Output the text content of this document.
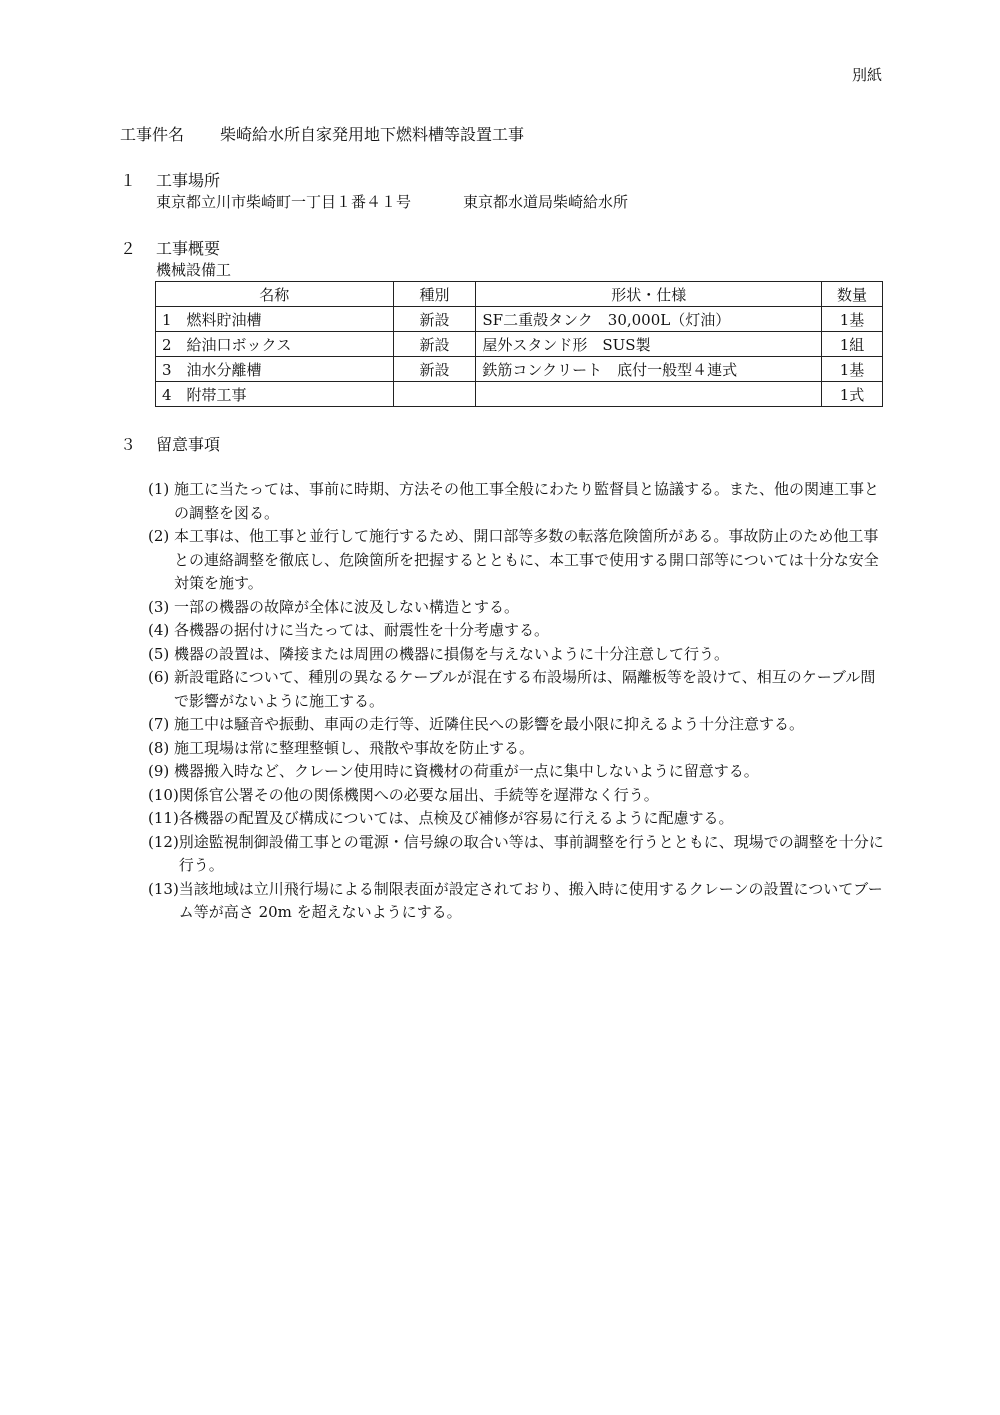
別紙
工事件名 柴崎給水所自家発用地下燃料槽等設置工事
１ 工事場所
東京都立川市柴崎町一丁目１番４１号	東京都水道局柴崎給水所
２ 工事概要
機械設備工
名称	種別	形状・仕様	数量
1　燃料貯油槽	新設	SF二重殻タンク　30,000L（灯油）	1基
2　給油口ボックス	新設	屋外スタンド形　SUS製	1組
3　油水分離槽	新設	鉄筋コンクリート　底付一般型４連式	1基
4　附帯工事			1式
３ 留意事項
(1) 施工に当たっては、事前に時期、方法その他工事全般にわたり監督員と協議する。また、他の関連工事との調整を図る。
(2) 本工事は、他工事と並行して施行するため、開口部等多数の転落危険箇所がある。事故防止のため他工事との連絡調整を徹底し、危険箇所を把握するとともに、本工事で使用する開口部等については十分な安全対策を施す。
(3) 一部の機器の故障が全体に波及しない構造とする。
(4) 各機器の据付けに当たっては、耐震性を十分考慮する。
(5) 機器の設置は、隣接または周囲の機器に損傷を与えないように十分注意して行う。
(6) 新設電路について、種別の異なるケーブルが混在する布設場所は、隔離板等を設けて、相互のケーブル間で影響がないように施工する。
(7) 施工中は騒音や振動、車両の走行等、近隣住民への影響を最小限に抑えるよう十分注意する。
(8) 施工現場は常に整理整頓し、飛散や事故を防止する。
(9) 機器搬入時など、クレーン使用時に資機材の荷重が一点に集中しないように留意する。
(10) 関係官公署その他の関係機関への必要な届出、手続等を遅滞なく行う。
(11) 各機器の配置及び構成については、点検及び補修が容易に行えるように配慮する。
(12) 別途監視制御設備工事との電源・信号線の取合い等は、事前調整を行うとともに、現場での調整を十分に行う。
(13) 当該地域は立川飛行場による制限表面が設定されており、搬入時に使用するクレーンの設置についてブーム等が高さ 20m を超えないようにする。
